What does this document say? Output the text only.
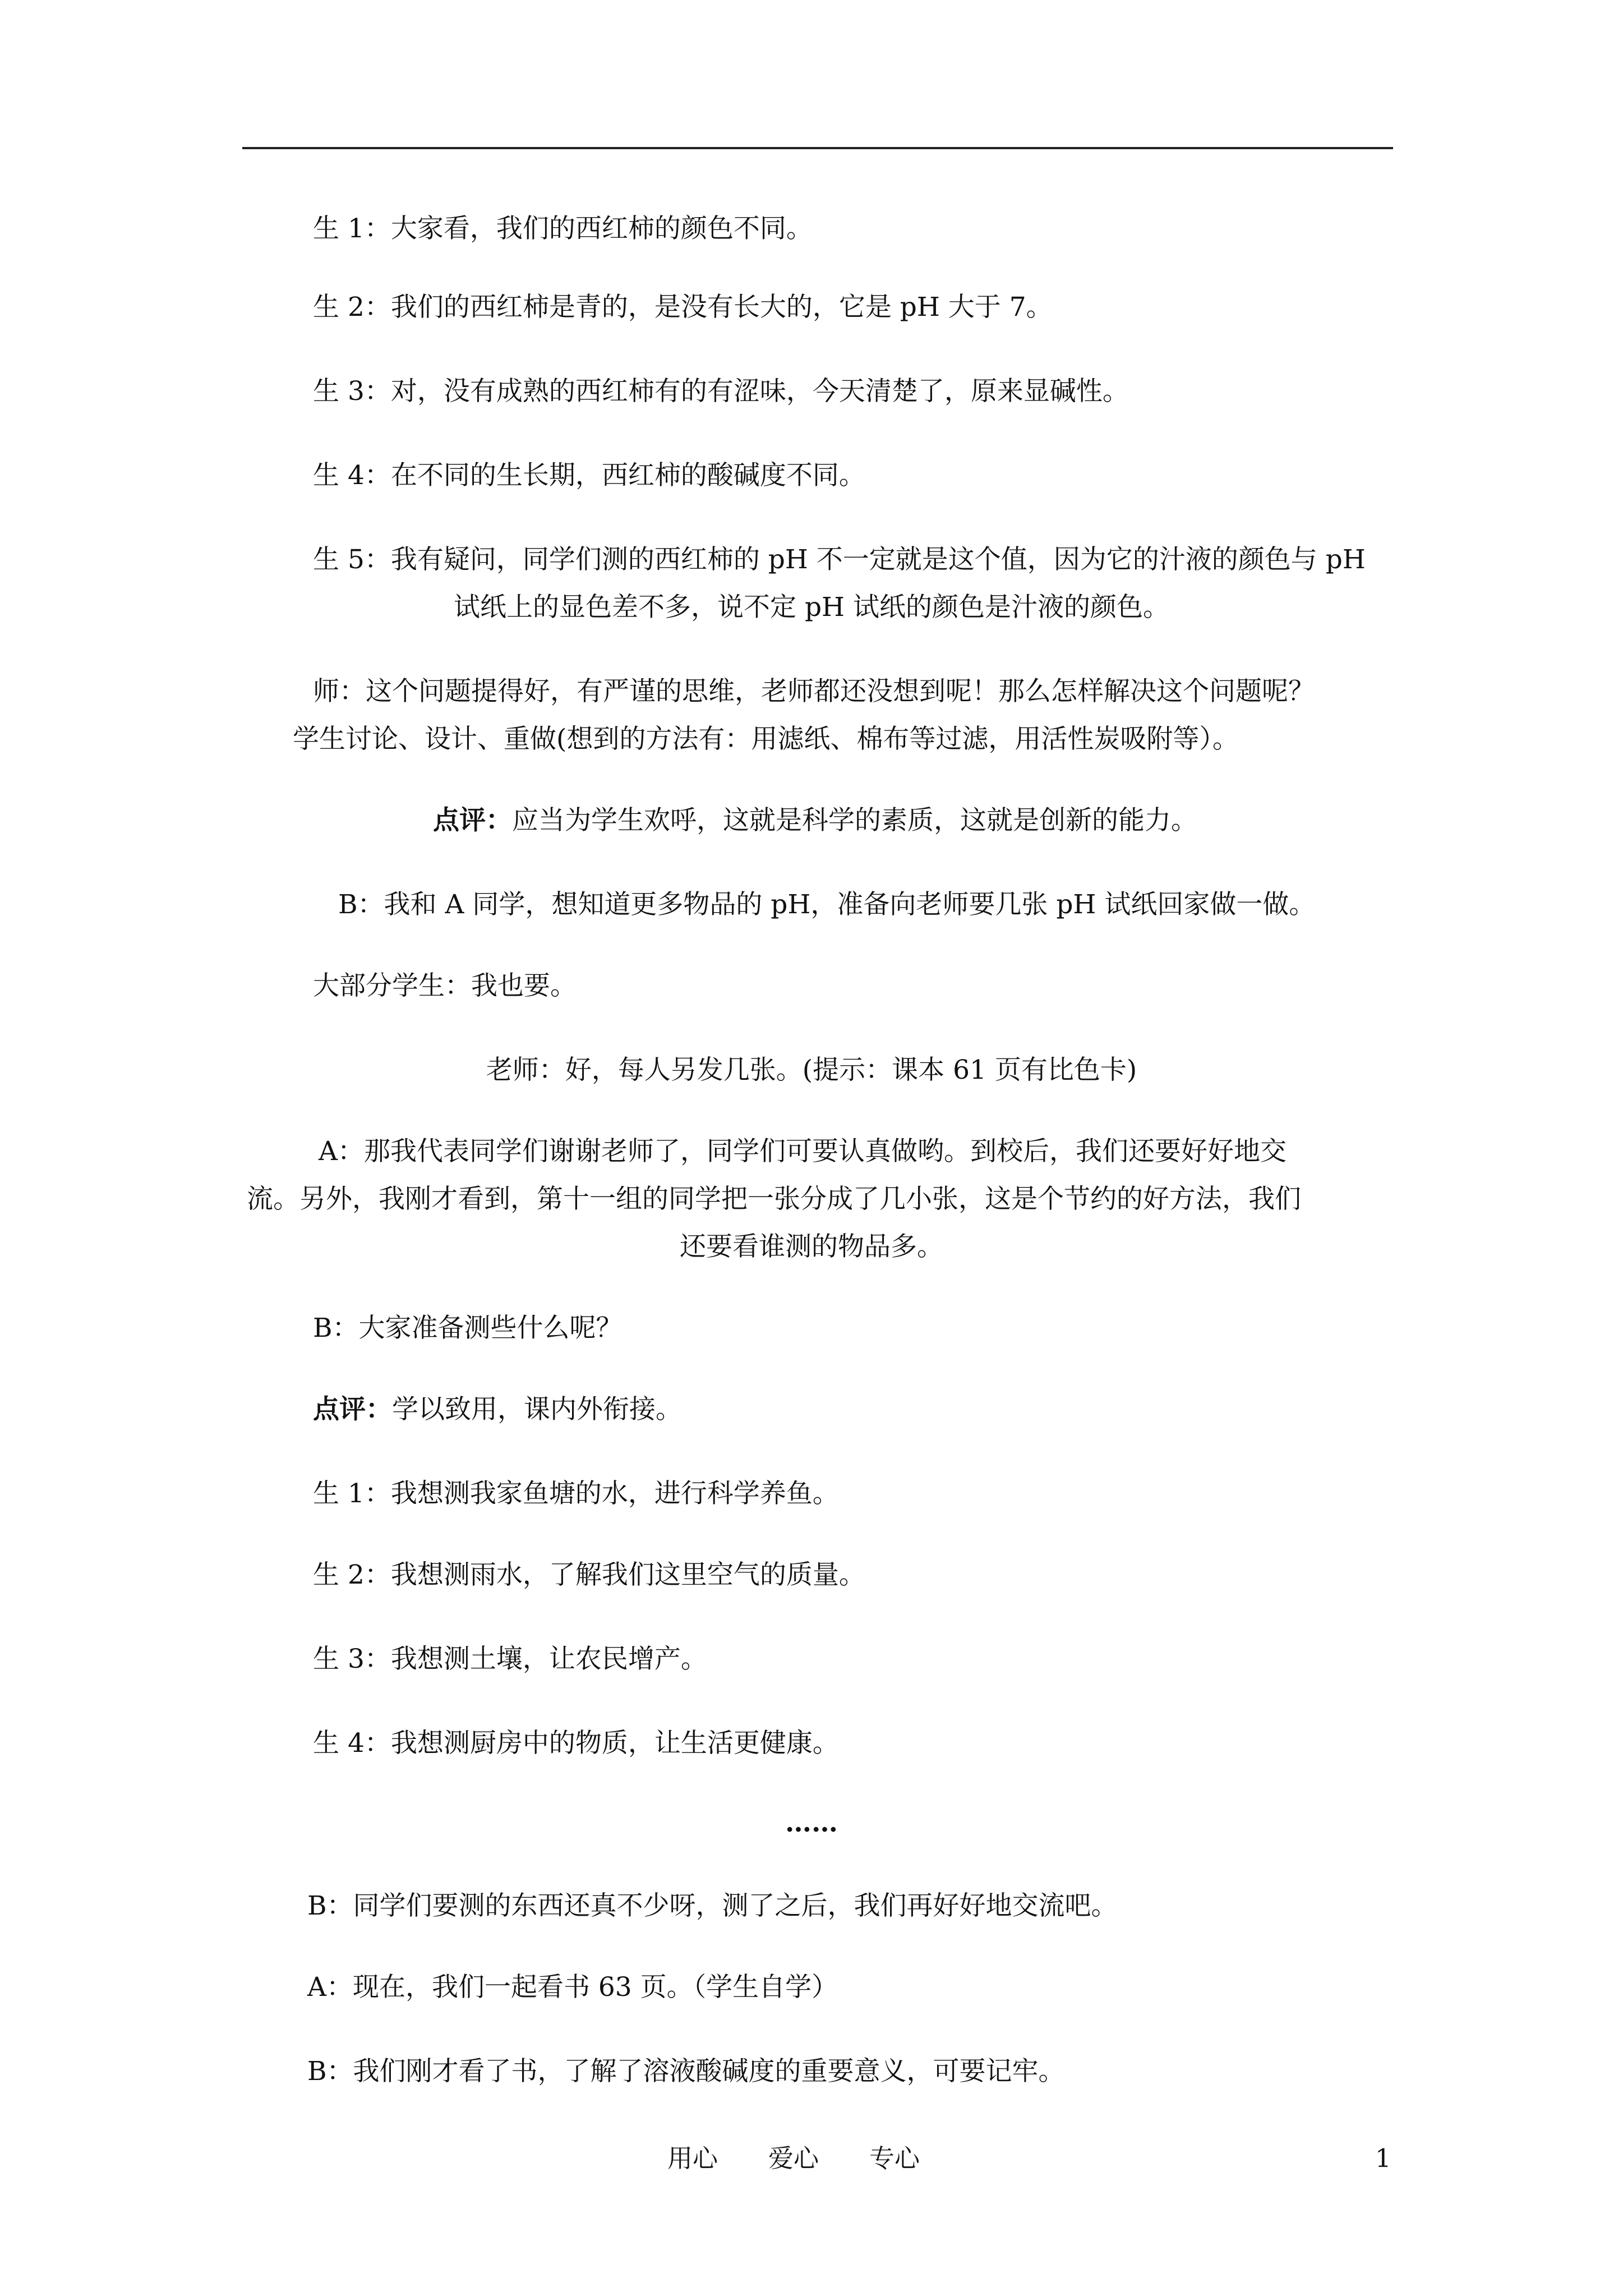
生 1：大家看，我们的西红柿的颜色不同。

生 2：我们的西红柿是青的，是没有长大的，它是 pH 大于 7。

生 3：对，没有成熟的西红柿有的有涩味，今天清楚了，原来显碱性。

生 4：在不同的生长期，西红柿的酸碱度不同。

生 5：我有疑问，同学们测的西红柿的 pH 不一定就是这个值，因为它的汁液的颜色与 pH

试纸上的显色差不多，说不定 pH 试纸的颜色是汁液的颜色。

师：这个问题提得好，有严谨的思维，老师都还没想到呢！那么怎样解决这个问题呢？

学生讨论、设计、重做(想到的方法有：用滤纸、棉布等过滤，用活性炭吸附等）。

点评：应当为学生欢呼，这就是科学的素质，这就是创新的能力。

B：我和 A 同学，想知道更多物品的 pH，准备向老师要几张 pH 试纸回家做一做。

大部分学生：我也要。

老师：好，每人另发几张。(提示：课本 61 页有比色卡)

A：那我代表同学们谢谢老师了，同学们可要认真做哟。到校后，我们还要好好地交

流。另外，我刚才看到，第十一组的同学把一张分成了几小张，这是个节约的好方法，我们

还要看谁测的物品多。

B：大家准备测些什么呢？

点评：学以致用，课内外衔接。

生 1：我想测我家鱼塘的水，进行科学养鱼。

生 2：我想测雨水，了解我们这里空气的质量。

生 3：我想测土壤，让农民增产。

生 4：我想测厨房中的物质，让生活更健康。

……

B：同学们要测的东西还真不少呀，测了之后，我们再好好地交流吧。

A：现在，我们一起看书 63 页。（学生自学）

B：我们刚才看了书，了解了溶液酸碱度的重要意义，可要记牢。

用心 爱心 专心	1
